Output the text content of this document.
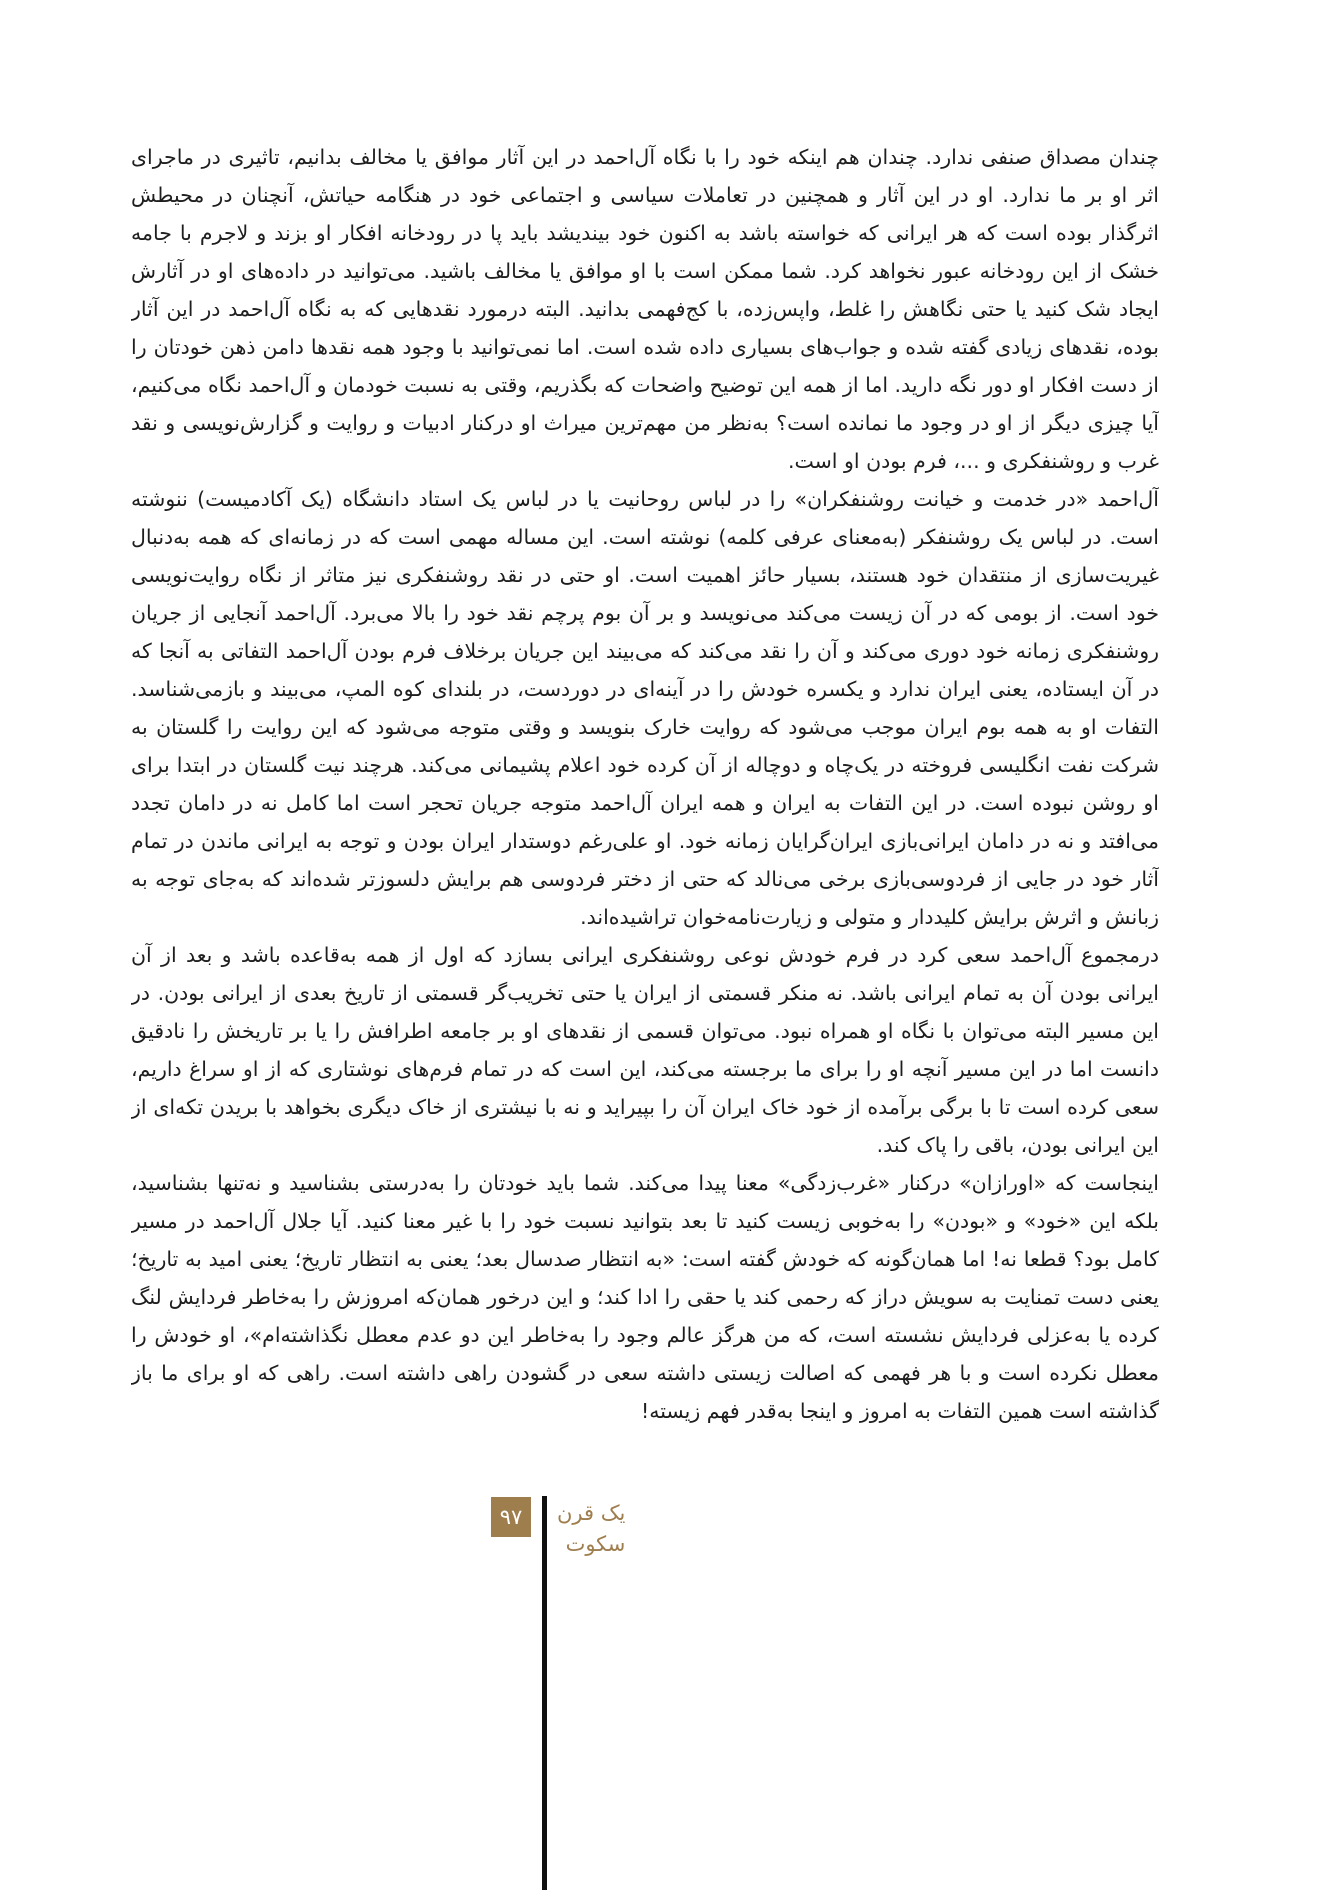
چندان مصداق صنفی ندارد. چندان هم اینکه خود را با نگاه آل‌احمد در این آثار موافق یا مخالف بدانیم، تاثیری در ماجرای اثر او بر ما ندارد. او در این آثار و همچنین در تعاملات سیاسی و اجتماعی خود در هنگامه حیاتش، آنچنان در محیطش اثرگذار بوده است که هر ایرانی که خواسته باشد به اکنون خود بیندیشد باید پا در رودخانه افکار او بزند و لاجرم با جامه خشک از این رودخانه عبور نخواهد کرد. شما ممکن است با او موافق یا مخالف باشید. می‌توانید در داده‌های او در آثارش ایجاد شک کنید یا حتی نگاهش را غلط، واپس‌زده، با کج‌فهمی بدانید. البته درمورد نقدهایی که به نگاه آل‌احمد در این آثار بوده، نقدهای زیادی گفته شده و جواب‌های بسیاری داده شده است. اما نمی‌توانید با وجود همه نقدها دامن ذهن خودتان را از دست افکار او دور نگه دارید. اما از همه این توضیح واضحات که بگذریم، وقتی به نسبت خودمان و آل‌احمد نگاه می‌کنیم، آیا چیزی دیگر از او در وجود ما نمانده است؟ به‌نظر من مهم‌ترین میراث او درکنار ادبیات و روایت و گزارش‌نویسی و نقد غرب و روشنفکری و ...، فرم بودن او است.

آل‌احمد «در خدمت و خیانت روشنفکران» را در لباس روحانیت یا در لباس یک استاد دانشگاه (یک آکادمیست) ننوشته است. در لباس یک روشنفکر (به‌معنای عرفی کلمه) نوشته است. این مساله مهمی است که در زمانه‌ای که همه به‌دنبال غیریت‌سازی از منتقدان خود هستند، بسیار حائز اهمیت است. او حتی در نقد روشنفکری نیز متاثر از نگاه روایت‌نویسی خود است. از بومی که در آن زیست می‌کند می‌نویسد و بر آن بوم پرچم نقد خود را بالا می‌برد. آل‌احمد آنجایی از جریان روشنفکری زمانه خود دوری می‌کند و آن را نقد می‌کند که می‌بیند این جریان برخلاف فرم بودن آل‌احمد التفاتی به آنجا که در آن ایستاده، یعنی ایران ندارد و یکسره خودش را در آینه‌ای در دوردست، در بلندای کوه المپ، می‌بیند و بازمی‌شناسد. التفات او به همه بوم ایران موجب می‌شود که روایت خارک بنویسد و وقتی متوجه می‌شود که این روایت را گلستان به شرکت نفت انگلیسی فروخته در یک‌چاه و دوچاله از آن کرده خود اعلام پشیمانی می‌کند. هرچند نیت گلستان در ابتدا برای او روشن نبوده است. در این التفات به ایران و همه ایران آل‌احمد متوجه جریان تحجر است اما کامل نه در دامان تجدد می‌افتد و نه در دامان ایرانی‌بازی ایران‌گرایان زمانه خود. او علی‌رغم دوستدار ایران بودن و توجه به ایرانی ماندن در تمام آثار خود در جایی از فردوسی‌بازی برخی می‌نالد که حتی از دختر فردوسی هم برایش دلسوزتر شده‌اند که به‌جای توجه به زبانش و اثرش برایش کلیددار و متولی و زیارت‌نامه‌خوان تراشیده‌اند.

درمجموع آل‌احمد سعی کرد در فرم خودش نوعی روشنفکری ایرانی بسازد که اول از همه به‌قاعده باشد و بعد از آن ایرانی بودن آن به تمام ایرانی باشد. نه منکر قسمتی از ایران یا حتی تخریب‌گر قسمتی از تاریخ بعدی از ایرانی بودن. در این مسیر البته می‌توان با نگاه او همراه نبود. می‌توان قسمی از نقدهای او بر جامعه اطرافش را یا بر تاریخش را نادقیق دانست اما در این مسیر آنچه او را برای ما برجسته می‌کند، این است که در تمام فرم‌های نوشتاری که از او سراغ داریم، سعی کرده است تا با برگی برآمده از خود خاک ایران آن را بپیراید و نه با نیشتری از خاک دیگری بخواهد با بریدن تکه‌ای از این ایرانی بودن، باقی را پاک کند.

اینجاست که «اورازان» درکنار «غرب‌زدگی» معنا پیدا می‌کند. شما باید خودتان را به‌درستی بشناسید و نه‌تنها بشناسید، بلکه این «خود» و «بودن» را به‌خوبی زیست کنید تا بعد بتوانید نسبت خود را با غیر معنا کنید. آیا جلال آل‌احمد در مسیر کامل بود؟ قطعا نه! اما همان‌گونه که خودش گفته است: «به انتظار صدسال بعد؛ یعنی به انتظار تاریخ؛ یعنی امید به تاریخ؛ یعنی دست تمنایت به سویش دراز که رحمی کند یا حقی را ادا کند؛ و این درخور همان‌که امروزش را به‌خاطر فردایش لنگ کرده یا به‌عزلی فردایش نشسته است، که من هرگز عالم وجود را به‌خاطر این دو عدم معطل نگذاشته‌ام»، او خودش را معطل نکرده است و با هر فهمی که اصالت زیستی داشته سعی در گشودن راهی داشته است. راهی که او برای ما باز گذاشته است همین التفات به امروز و اینجا به‌قدر فهم زیسته!

۹۷ یک قرن
سکوت
